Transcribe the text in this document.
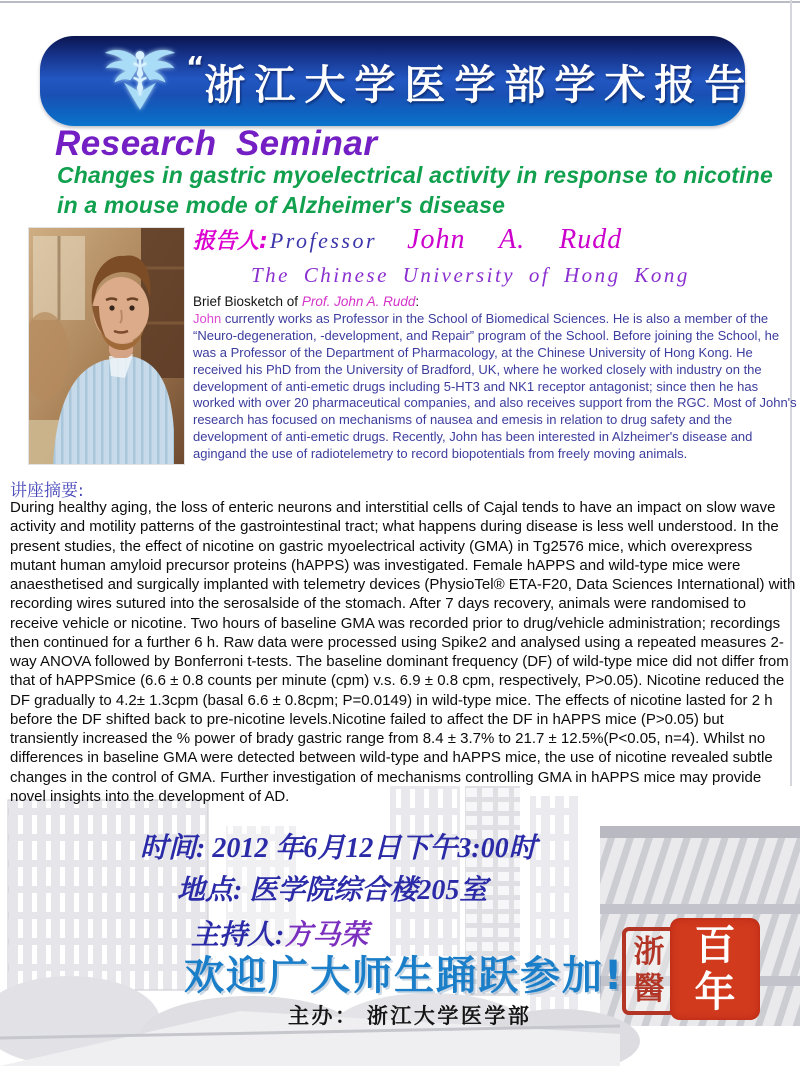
“ 浙江大学医学部学术报告
Research Seminar
Changes in gastric myoelectrical activity in response to nicotine in a mouse mode of Alzheimer's disease
报告人: Professor John A. Rudd
The Chinese University of Hong Kong
Brief Biosketch of Prof. John A. Rudd:
John currently works as Professor in the School of Biomedical Sciences. He is also a member of the “Neuro-degeneration, -development, and Repair” program of the School. Before joining the School, he was a Professor of the Department of Pharmacology, at the Chinese University of Hong Kong. He received his PhD from the University of Bradford, UK, where he worked closely with industry on the development of anti-emetic drugs including 5-HT3 and NK1 receptor antagonist; since then he has worked with over 20 pharmaceutical companies, and also receives support from the RGC. Most of John's research has focused on mechanisms of nausea and emesis in relation to drug safety and the development of anti-emetic drugs. Recently, John has been interested in Alzheimer's disease and agingand the use of radiotelemetry to record biopotentials from freely moving animals.
讲座摘要:
During healthy aging, the loss of enteric neurons and interstitial cells of Cajal tends to have an impact on slow wave activity and motility patterns of the gastrointestinal tract; what happens during disease is less well understood. In the present studies, the effect of nicotine on gastric myoelectrical activity (GMA) in Tg2576 mice, which overexpress mutant human amyloid precursor proteins (hAPPS) was investigated. Female hAPPS and wild-type mice were anaesthetised and surgically implanted with telemetry devices (PhysioTel® ETA-F20, Data Sciences International) with recording wires sutured into the serosalside of the stomach. After 7 days recovery, animals were randomised to receive vehicle or nicotine. Two hours of baseline GMA was recorded prior to drug/vehicle administration; recordings then continued for a further 6 h. Raw data were processed using Spike2 and analysed using a repeated measures 2-way ANOVA followed by Bonferroni t-tests. The baseline dominant frequency (DF) of wild-type mice did not differ from that of hAPPSmice (6.6 ± 0.8 counts per minute (cpm) v.s. 6.9 ± 0.8 cpm, respectively, P>0.05). Nicotine reduced the DF gradually to 4.2± 1.3cpm (basal 6.6 ± 0.8cpm; P=0.0149) in wild-type mice. The effects of nicotine lasted for 2 h before the DF shifted back to pre-nicotine levels.Nicotine failed to affect the DF in hAPPS mice (P>0.05) but transiently increased the % power of brady gastric range from 8.4 ± 3.7% to 21.7 ± 12.5%(P<0.05, n=4). Whilst no differences in baseline GMA were detected between wild-type and hAPPS mice, the use of nicotine revealed subtle changes in the control of GMA. Further investigation of mechanisms controlling GMA in hAPPS mice may provide novel insights into the development of AD.
时间: 2012 年6月12日下午3:00时
地点: 医学院综合楼205室
主持人:方马荣
欢迎广大师生踊跃参加!
主办： 浙江大学医学部
浙
醫
百
年
